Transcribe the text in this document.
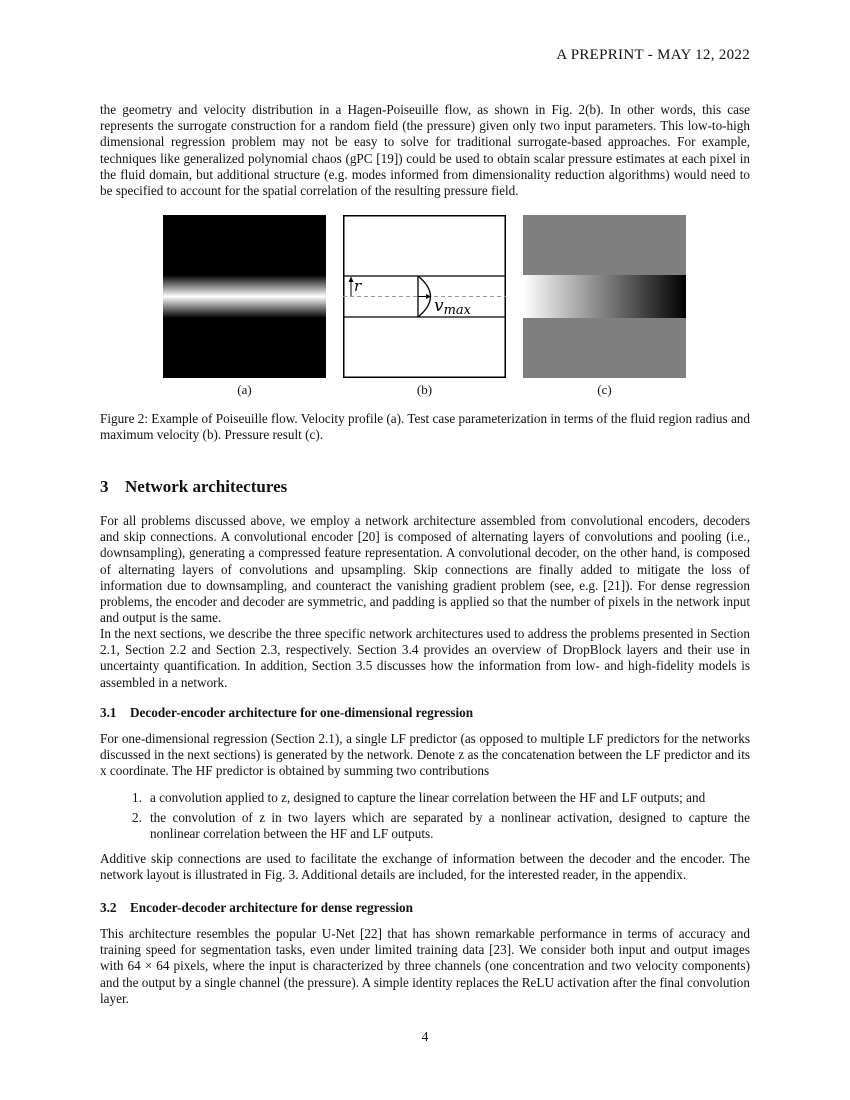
A PREPRINT - MAY 12, 2022

the geometry and velocity distribution in a Hagen-Poiseuille flow, as shown in Fig. 2(b). In other words, this case represents the surrogate construction for a random field (the pressure) given only two input parameters. This low-to-high dimensional regression problem may not be easy to solve for traditional surrogate-based approaches. For example, techniques like generalized polynomial chaos (gPC [19]) could be used to obtain scalar pressure estimates at each pixel in the fluid domain, but additional structure (e.g. modes informed from dimensionality reduction algorithms) would need to be specified to account for the spatial correlation of the resulting pressure field.

r
vmax
(a)	(b)	(c)
Figure 2: Example of Poiseuille flow. Velocity profile (a). Test case parameterization in terms of the fluid region radius and maximum velocity (b). Pressure result (c).
3 Network architectures

For all problems discussed above, we employ a network architecture assembled from convolutional encoders, decoders and skip connections. A convolutional encoder [20] is composed of alternating layers of convolutions and pooling (i.e., downsampling), generating a compressed feature representation. A convolutional decoder, on the other hand, is composed of alternating layers of convolutions and upsampling. Skip connections are finally added to mitigate the loss of information due to downsampling, and counteract the vanishing gradient problem (see, e.g. [21]). For dense regression problems, the encoder and decoder are symmetric, and padding is applied so that the number of pixels in the network input and output is the same.

In the next sections, we describe the three specific network architectures used to address the problems presented in Section 2.1, Section 2.2 and Section 2.3, respectively. Section 3.4 provides an overview of DropBlock layers and their use in uncertainty quantification. In addition, Section 3.5 discusses how the information from low- and high-fidelity models is assembled in a network.

3.1 Decoder-encoder architecture for one-dimensional regression

For one-dimensional regression (Section 2.1), a single LF predictor (as opposed to multiple LF predictors for the networks discussed in the next sections) is generated by the network. Denote z as the concatenation between the LF predictor and its x coordinate. The HF predictor is obtained by summing two contributions

1. a convolution applied to z, designed to capture the linear correlation between the HF and LF outputs; and
2. the convolution of z in two layers which are separated by a nonlinear activation, designed to capture the nonlinear correlation between the HF and LF outputs.

Additive skip connections are used to facilitate the exchange of information between the decoder and the encoder. The network layout is illustrated in Fig. 3. Additional details are included, for the interested reader, in the appendix.

3.2 Encoder-decoder architecture for dense regression

This architecture resembles the popular U-Net [22] that has shown remarkable performance in terms of accuracy and training speed for segmentation tasks, even under limited training data [23]. We consider both input and output images with 64 × 64 pixels, where the input is characterized by three channels (one concentration and two velocity components) and the output by a single channel (the pressure). A simple identity replaces the ReLU activation after the final convolution layer.

4
